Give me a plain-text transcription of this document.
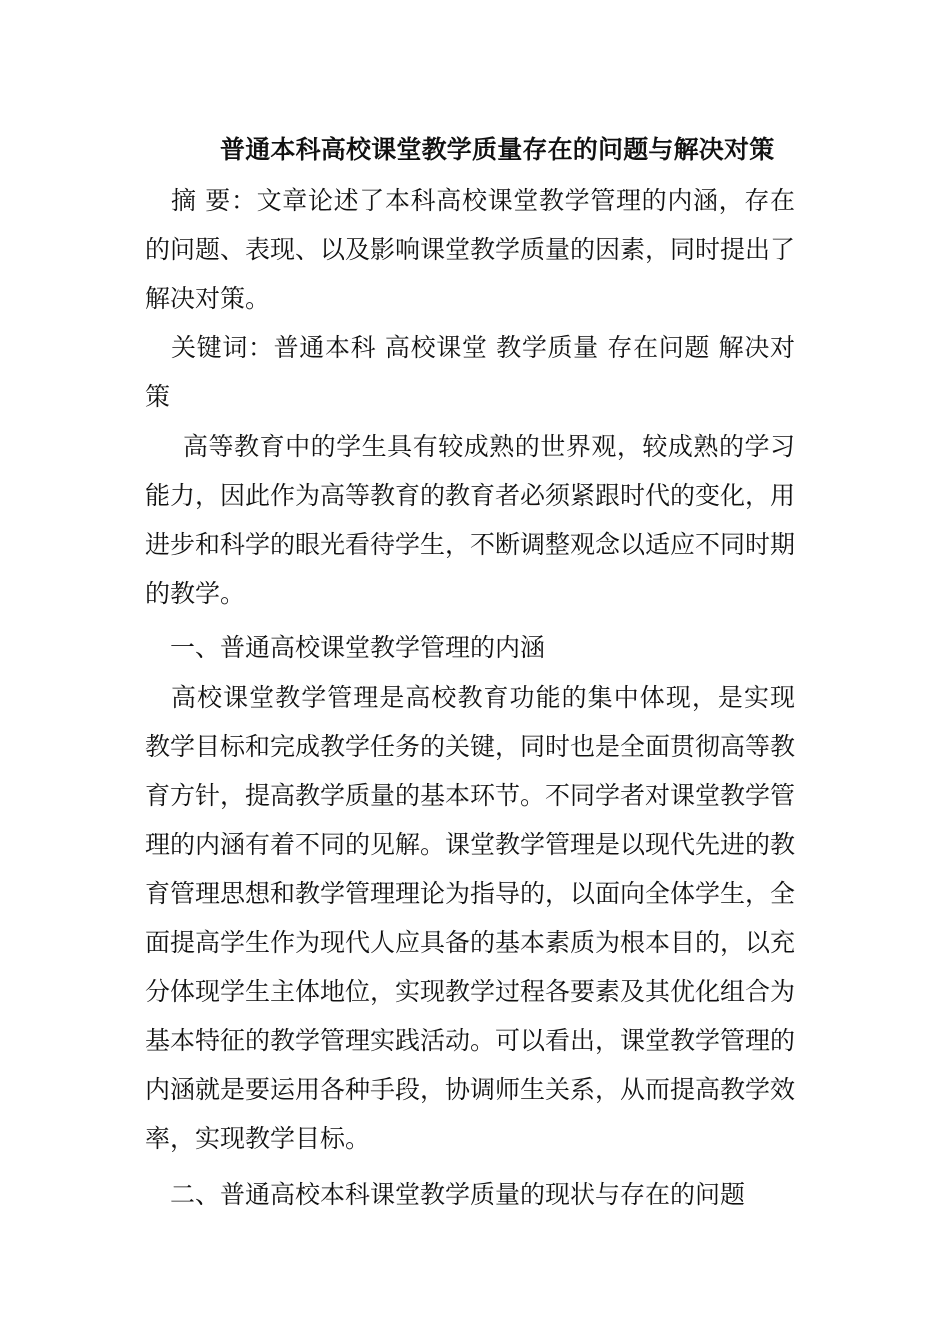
普通本科高校课堂教学质量存在的问题与解决对策
摘 要：文章论述了本科高校课堂教学管理的内涵，存在的问题、表现、以及影响课堂教学质量的因素，同时提出了解决对策。
关键词：普通本科 高校课堂 教学质量 存在问题 解决对策
高等教育中的学生具有较成熟的世界观，较成熟的学习能力，因此作为高等教育的教育者必须紧跟时代的变化，用进步和科学的眼光看待学生，不断调整观念以适应不同时期的教学。
一、普通高校课堂教学管理的内涵
高校课堂教学管理是高校教育功能的集中体现，是实现教学目标和完成教学任务的关键，同时也是全面贯彻高等教育方针，提高教学质量的基本环节。不同学者对课堂教学管理的内涵有着不同的见解。课堂教学管理是以现代先进的教育管理思想和教学管理理论为指导的，以面向全体学生，全面提高学生作为现代人应具备的基本素质为根本目的，以充分体现学生主体地位，实现教学过程各要素及其优化组合为基本特征的教学管理实践活动。可以看出，课堂教学管理的内涵就是要运用各种手段，协调师生关系，从而提高教学效率，实现教学目标。
二、普通高校本科课堂教学质量的现状与存在的问题
